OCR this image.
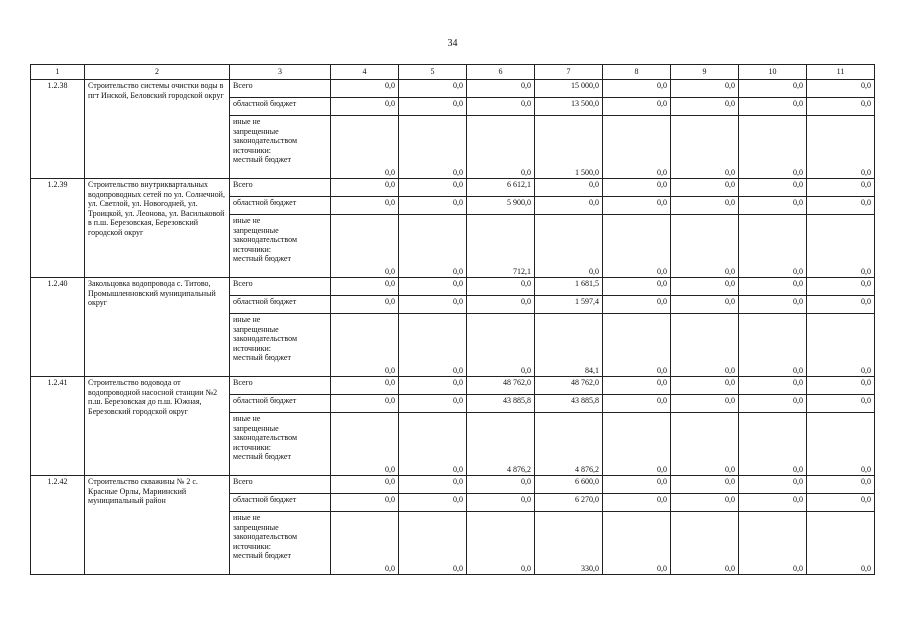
34
1	2	3	4	5	6	7	8	9	10	11
1.2.38	Строительство системы очистки воды в пгт Инской, Беловский городской округ	Всего	0,0	0,0	0,0	15 000,0	0,0	0,0	0,0	0,0

		областной бюджет	0,0	0,0	0,0	13 500,0	0,0	0,0	0,0	0,0

		иные не
запрещенные
законодательством
источники:
местный бюджет	0,0	0,0	0,0	1 500,0	0,0	0,0	0,0	0,0
1.2.39	Строительство внутриквартальных водопроводных сетей по ул. Солнечной, ул. Светлой, ул. Новогодней, ул. Троицкой, ул. Леонова, ул. Васильковой в п.ш. Березовская, Березовский городской округ	Всего	0,0	0,0	6 612,1	0,0	0,0	0,0	0,0	0,0

		областной бюджет	0,0	0,0	5 900,0	0,0	0,0	0,0	0,0	0,0

		иные не
запрещенные
законодательством
источники:
местный бюджет	0,0	0,0	712,1	0,0	0,0	0,0	0,0	0,0
1.2.40	Закольцовка водопровода с. Титово, Промышленновский муниципальный округ	Всего	0,0	0,0	0,0	1 681,5	0,0	0,0	0,0	0,0

		областной бюджет	0,0	0,0	0,0	1 597,4	0,0	0,0	0,0	0,0

		иные не
запрещенные
законодательством
источники:
местный бюджет	0,0	0,0	0,0	84,1	0,0	0,0	0,0	0,0
1.2.41	Строительство водовода от водопроводной насосной станции №2 п.ш. Березовская до п.ш. Южная, Березовский городской округ	Всего	0,0	0,0	48 762,0	48 762,0	0,0	0,0	0,0	0,0

		областной бюджет	0,0	0,0	43 885,8	43 885,8	0,0	0,0	0,0	0,0

		иные не
запрещенные
законодательством
источники:
местный бюджет	0,0	0,0	4 876,2	4 876,2	0,0	0,0	0,0	0,0
1.2.42	Строительство скважины № 2 с. Красные Орлы, Мариинский муниципальный район	Всего	0,0	0,0	0,0	6 600,0	0,0	0,0	0,0	0,0

		областной бюджет	0,0	0,0	0,0	6 270,0	0,0	0,0	0,0	0,0

		иные не
запрещенные
законодательством
источники:
местный бюджет	0,0	0,0	0,0	330,0	0,0	0,0	0,0	0,0
